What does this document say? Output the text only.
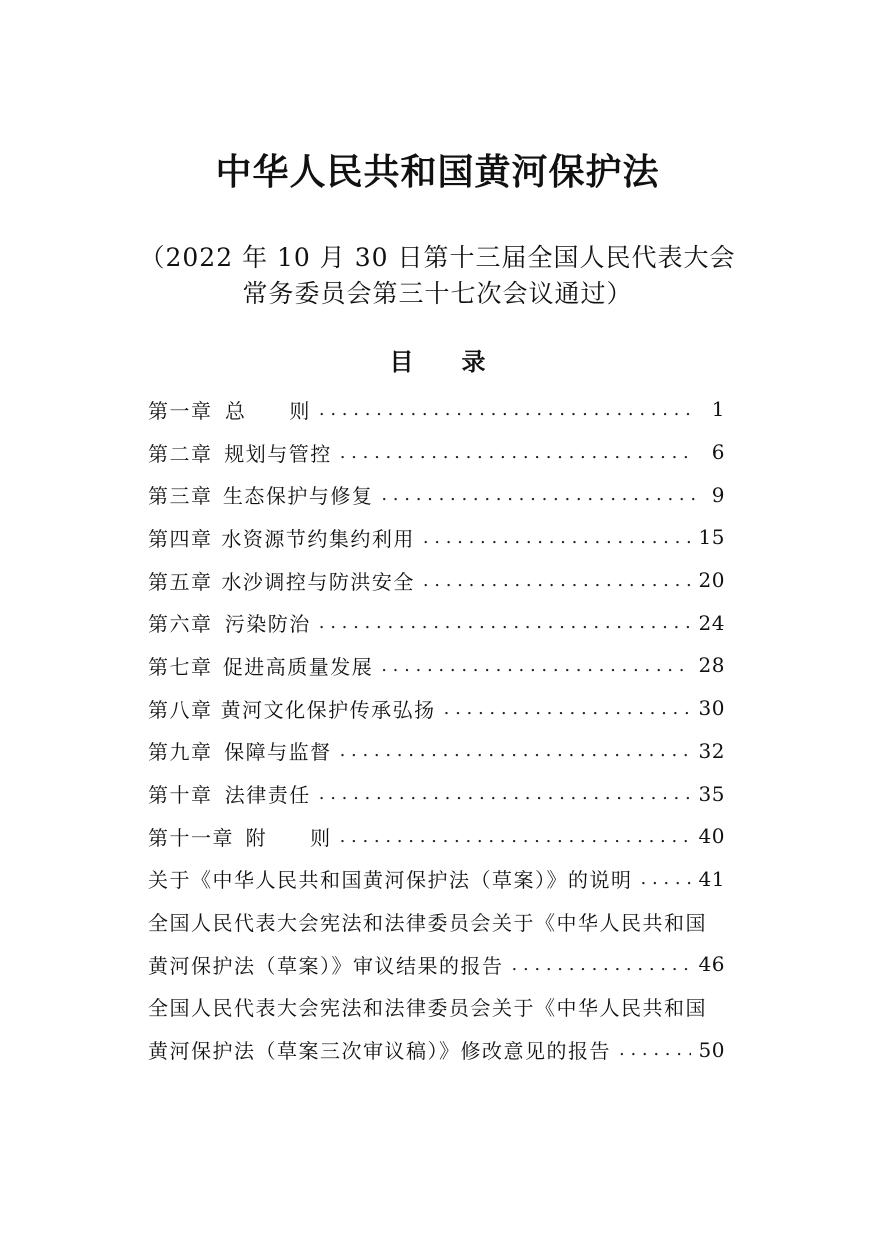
中华人民共和国黄河保护法
（2022 年 10 月 30 日第十三届全国人民代表大会
常务委员会第三十七次会议通过）
目 录
第一章 总　　则 . . .	1
第二章 规划与管控 . . .	6
第三章 生态保护与修复 . . .	9
第四章 水资源节约集约利用 . . .	15
第五章 水沙调控与防洪安全 . . .	20
第六章 污染防治 . . .	24
第七章 促进高质量发展 . . .	28
第八章 黄河文化保护传承弘扬 . . .	30
第九章 保障与监督 . . .	32
第十章 法律责任 . . .	35
第十一章 附　　则 . . .	40
关于《中华人民共和国黄河保护法（草案）》的说明 . . .	41
全国人民代表大会宪法和法律委员会关于《中华人民共和国
黄河保护法（草案）》审议结果的报告 . . .	46
全国人民代表大会宪法和法律委员会关于《中华人民共和国
黄河保护法（草案三次审议稿）》修改意见的报告 . . .	50
